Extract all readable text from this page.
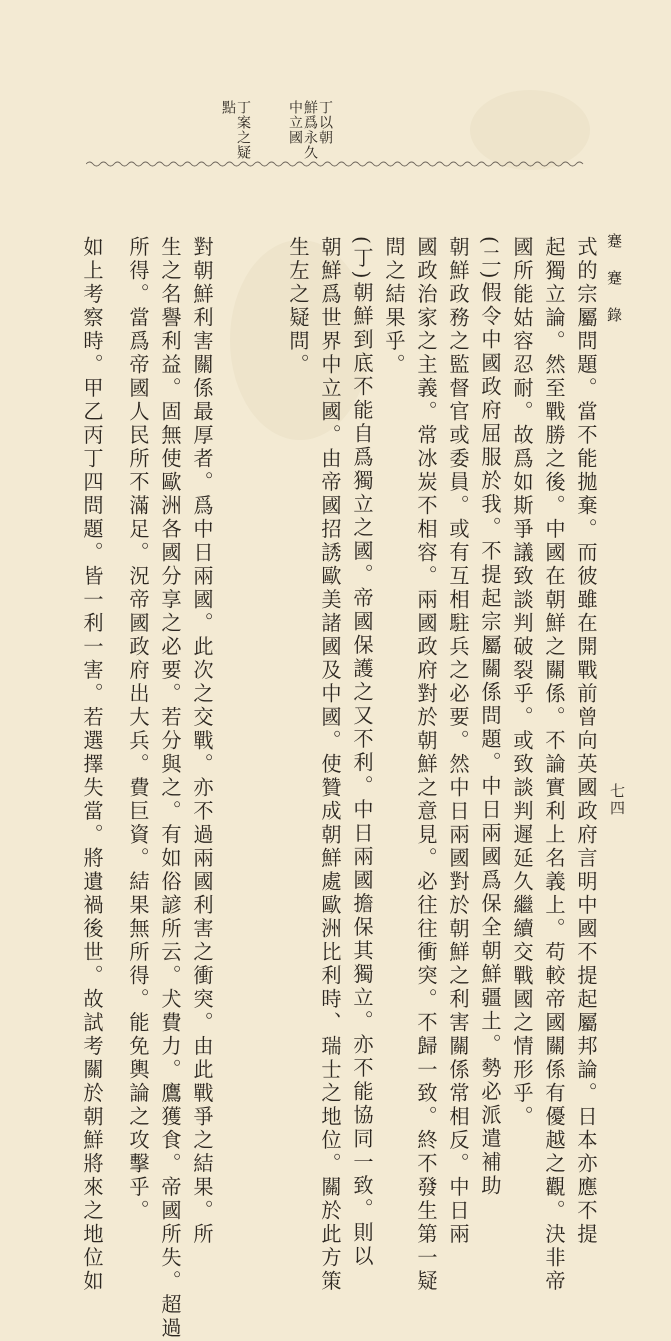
蹇蹇錄
七四
丁以朝
鮮爲永久
中立國
丁案之疑
點
式的宗屬問題。當不能拋棄。而彼雖在開戰前曾向英國政府言明中國不提起屬邦論。日本亦應不提
起獨立論。然至戰勝之後。中國在朝鮮之關係。不論實利上名義上。苟較帝國關係有優越之觀。決非帝
國所能姑容忍耐。故爲如斯爭議致談判破裂乎。或致談判遲延久繼續交戰國之情形乎。
(二)假令中國政府屈服於我。不提起宗屬關係問題。中日兩國爲保全朝鮮疆土。勢必派遣補助
朝鮮政務之監督官或委員。或有互相駐兵之必要。然中日兩國對於朝鮮之利害關係常相反。中日兩
國政治家之主義。常冰炭不相容。兩國政府對於朝鮮之意見。必往往衝突。不歸一致。終不發生第一疑
問之結果乎。
(丁)朝鮮到底不能自爲獨立之國。帝國保護之又不利。中日兩國擔保其獨立。亦不能協同一致。則以
朝鮮爲世界中立國。由帝國招誘歐美諸國及中國。使贊成朝鮮處歐洲比利時、瑞士之地位。關於此方策
生左之疑問。
對朝鮮利害關係最厚者。爲中日兩國。此次之交戰。亦不過兩國利害之衝突。由此戰爭之結果。所
生之名譽利益。固無使歐洲各國分享之必要。若分與之。有如俗諺所云。犬費力。鷹獲食。帝國所失。超過
所得。當爲帝國人民所不滿足。況帝國政府出大兵。費巨資。結果無所得。能免輿論之攻擊乎。
如上考察時。甲乙丙丁四問題。皆一利一害。若選擇失當。將遺禍後世。故試考關於朝鮮將來之地位如
